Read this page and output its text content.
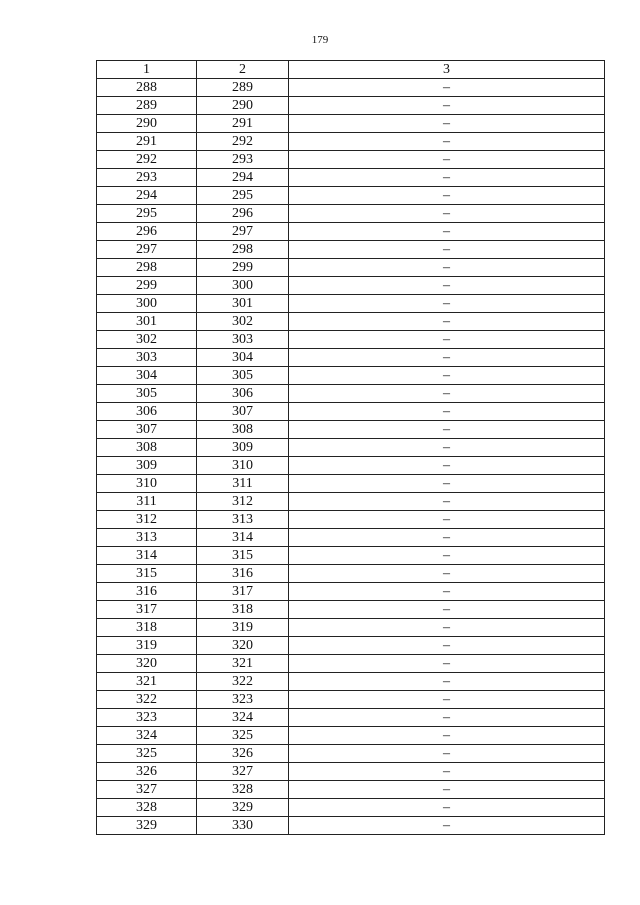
179
1	2	3
288	289	–
289	290	–
290	291	–
291	292	–
292	293	–
293	294	–
294	295	–
295	296	–
296	297	–
297	298	–
298	299	–
299	300	–
300	301	–
301	302	–
302	303	–
303	304	–
304	305	–
305	306	–
306	307	–
307	308	–
308	309	–
309	310	–
310	311	–
311	312	–
312	313	–
313	314	–
314	315	–
315	316	–
316	317	–
317	318	–
318	319	–
319	320	–
320	321	–
321	322	–
322	323	–
323	324	–
324	325	–
325	326	–
326	327	–
327	328	–
328	329	–
329	330	–
